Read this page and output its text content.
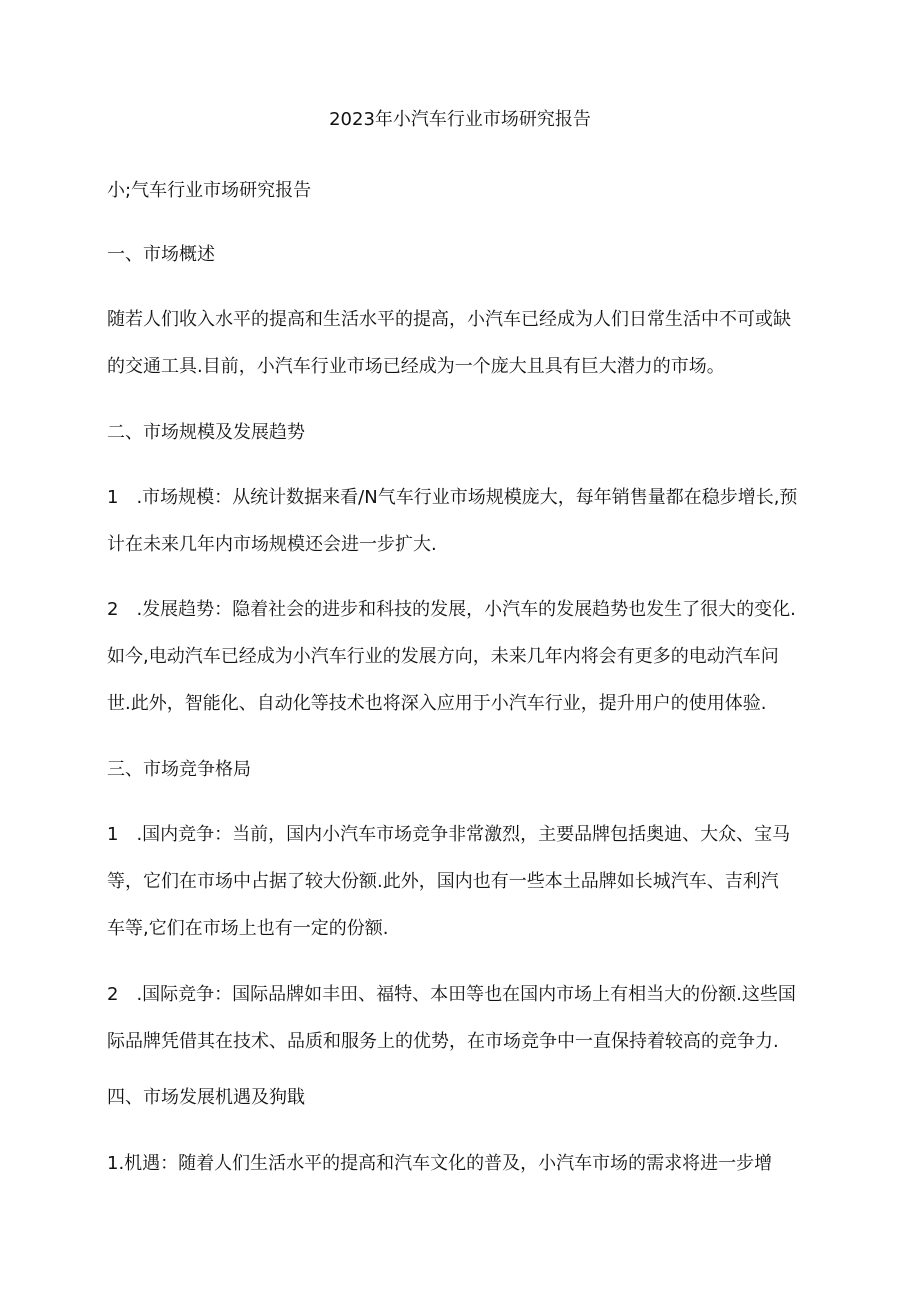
2023年小汽车行业市场研究报告
小;气车行业市场研究报告
一、市场概述
随若人们收入水平的提高和生活水平的提高，小汽车已经成为人们日常生活中不可或缺
的交通工具.目前，小汽车行业市场已经成为一个庞大且具有巨大潜力的市场。
二、市场规模及发展趋势
1　.市场规模：从统计数据来看/N气车行业市场规模庞大，每年销售量都在稳步增长,预
计在未来几年内市场规模还会进一步扩大.
2　.发展趋势：隐着社会的进步和科技的发展，小汽车的发展趋势也发生了很大的变化.
如今,电动汽车已经成为小汽车行业的发展方向，未来几年内将会有更多的电动汽车问
世.此外，智能化、自动化等技术也将深入应用于小汽车行业，提升用户的使用体验.
三、市场竞争格局
1　.国内竞争：当前，国内小汽车市场竞争非常激烈，主要品牌包括奥迪、大众、宝马
等，它们在市场中占据了较大份额.此外，国内也有一些本土品牌如长城汽车、吉利汽
车等,它们在市场上也有一定的份额.
2　.国际竞争：国际品牌如丰田、福特、本田等也在国内市场上有相当大的份额.这些国
际品牌凭借其在技术、品质和服务上的优势，在市场竞争中一直保持着较高的竞争力.
四、市场发展机遇及狗戢
1.机遇：随着人们生活水平的提高和汽车文化的普及，小汽车市场的需求将进一步增
